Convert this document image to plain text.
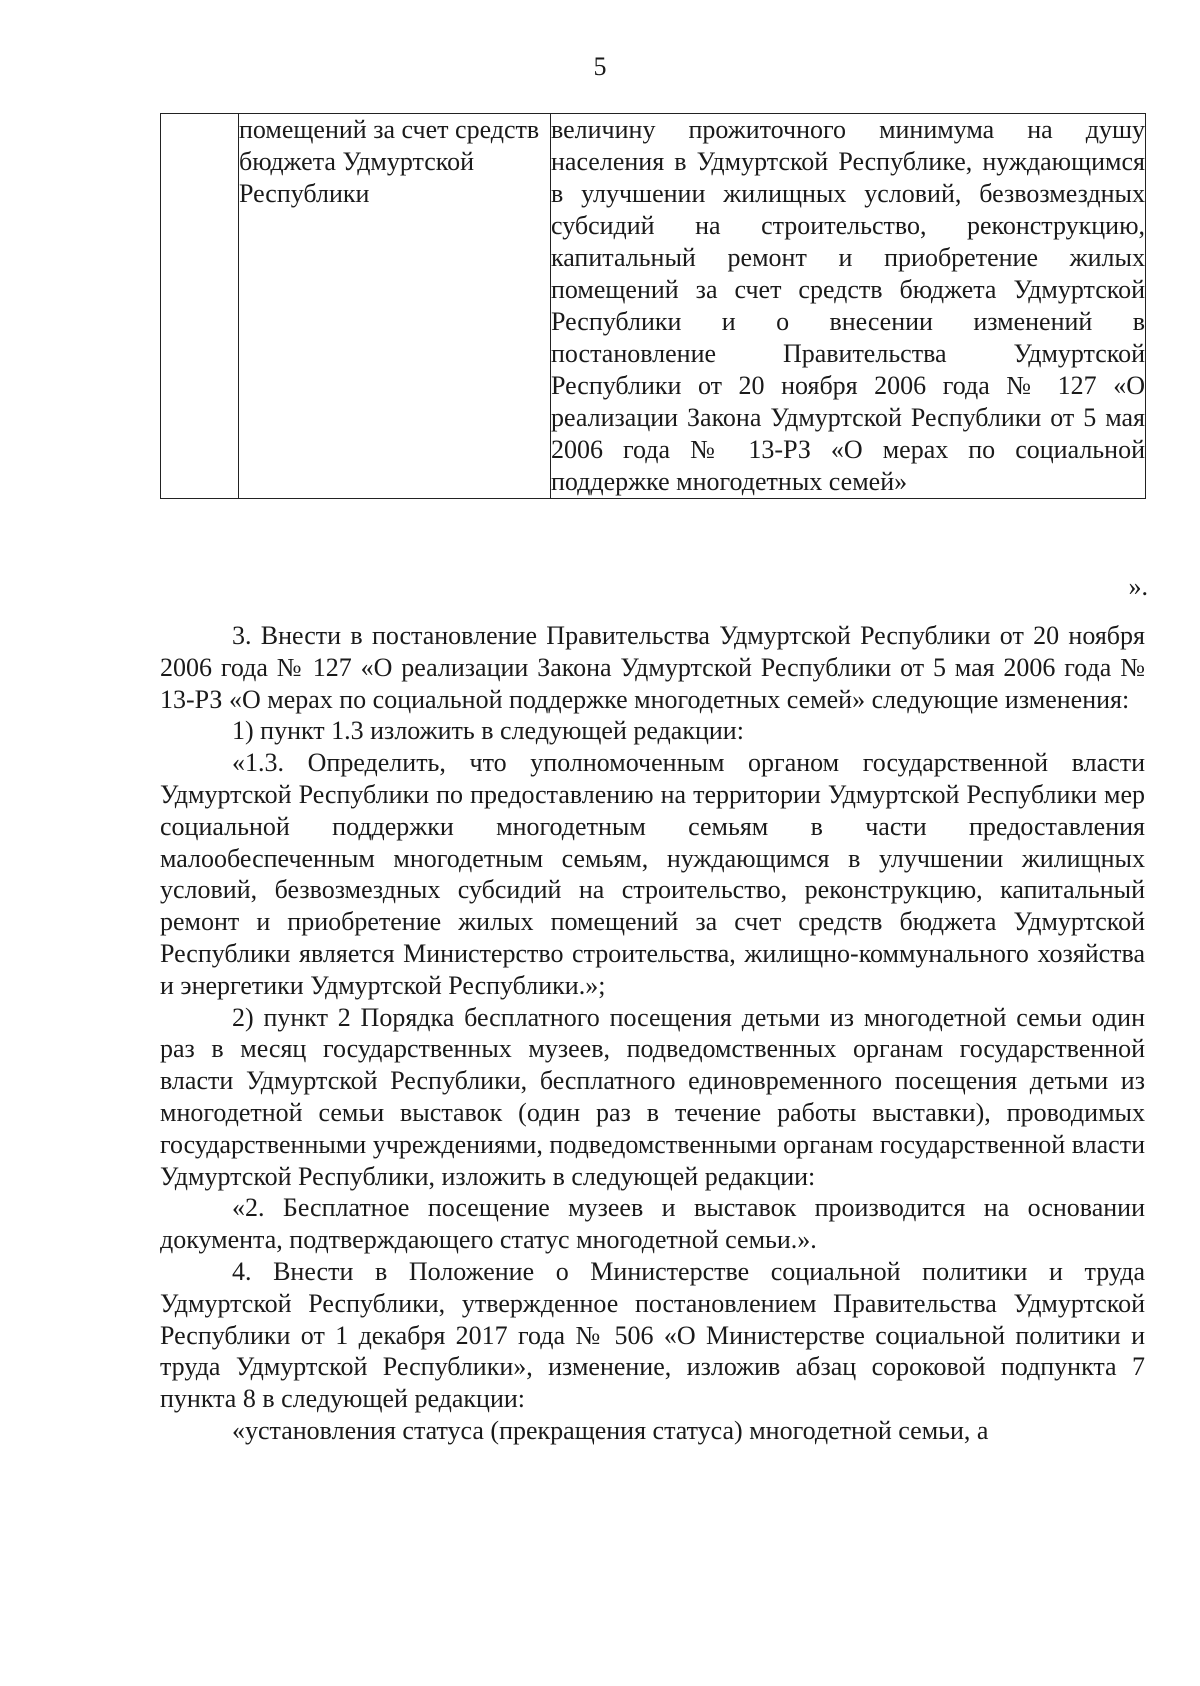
5
	помещений за счет средств бюджета Удмуртской Республики	величину прожиточного минимума на душу населения в Удмуртской Республике, нуждающимся в улучшении жилищных условий, безвозмездных субсидий на строительство, реконструкцию, капитальный ремонт и приобретение жилых помещений за счет средств бюджета Удмуртской Республики и о внесении изменений в постановление Правительства Удмуртской Республики от 20 ноября 2006 года № 127 «О реализации Закона Удмуртской Республики от 5 мая 2006 года № 13-РЗ «О мерах по социальной поддержке многодетных семей»
».

3. Внести в постановление Правительства Удмуртской Республики от 20 ноября 2006 года № 127 «О реализации Закона Удмуртской Республики от 5 мая 2006 года № 13-РЗ «О мерах по социальной поддержке многодетных семей» следующие изменения:

1) пункт 1.3 изложить в следующей редакции:

«1.3. Определить, что уполномоченным органом государственной власти Удмуртской Республики по предоставлению на территории Удмуртской Республики мер социальной поддержки многодетным семьям в части предоставления малообеспеченным многодетным семьям, нуждающимся в улучшении жилищных условий, безвозмездных субсидий на строительство, реконструкцию, капитальный ремонт и приобретение жилых помещений за счет средств бюджета Удмуртской Республики является Министерство строительства, жилищно-коммунального хозяйства и энергетики Удмуртской Республики.»;

2) пункт 2 Порядка бесплатного посещения детьми из многодетной семьи один раз в месяц государственных музеев, подведомственных органам государственной власти Удмуртской Республики, бесплатного единовременного посещения детьми из многодетной семьи выставок (один раз в течение работы выставки), проводимых государственными учреждениями, подведомственными органам государственной власти Удмуртской Республики, изложить в следующей редакции:

«2. Бесплатное посещение музеев и выставок производится на основании документа, подтверждающего статус многодетной семьи.».

4. Внести в Положение о Министерстве социальной политики и труда Удмуртской Республики, утвержденное постановлением Правительства Удмуртской Республики от 1 декабря 2017 года № 506 «О Министерстве социальной политики и труда Удмуртской Республики», изменение, изложив абзац сороковой подпункта 7 пункта 8 в следующей редакции:

«установления статуса (прекращения статуса) многодетной семьи, а
